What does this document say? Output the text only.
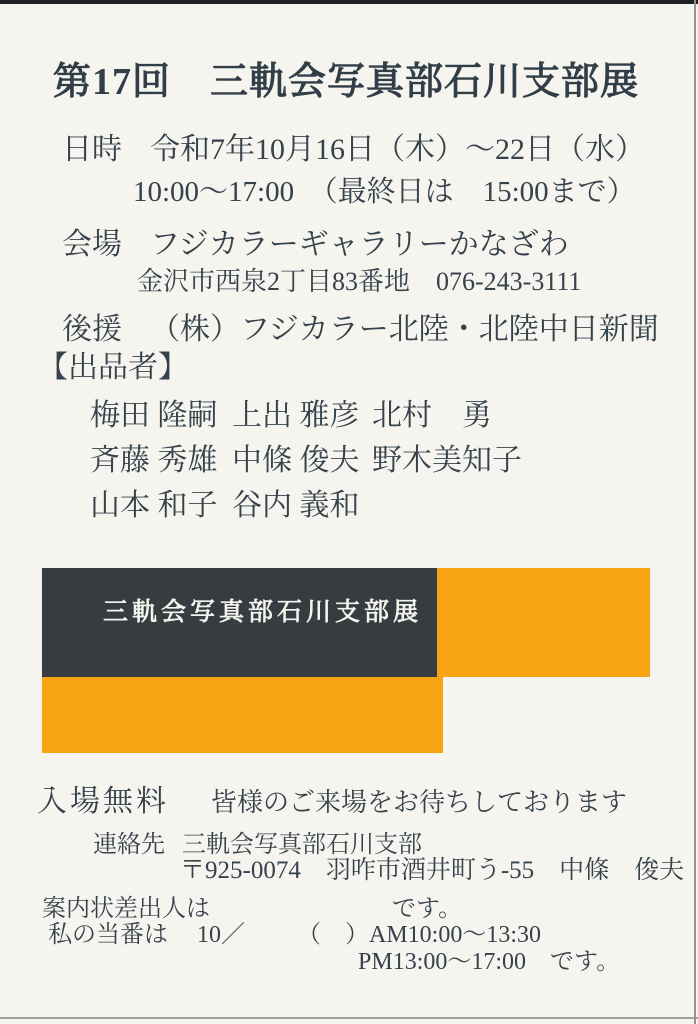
第17回　三軌会写真部石川支部展
日時 令和7年10月16日（木）～22日（水）
10:00～17:00　（最終日は　15:00まで）
会場 フジカラーギャラリーかなざわ
金沢市西泉2丁目83番地　076-243-3111
後援 （株）フジカラー北陸・北陸中日新聞
【出品者】
梅田 隆嗣 上出 雅彦 北村　勇
斉藤 秀雄 中條 俊夫 野木美知子
山本 和子 谷内 義和
三軌会写真部石川支部展
入場無料 皆様のご来場をお待ちしております
連絡先 三軌会写真部石川支部
〒925-0074　羽咋市酒井町う-55　中條　俊夫
案内状差出人は	です。
私の当番は 10／ （ ）AM10:00～13:30
PM13:00～17:00　です。
